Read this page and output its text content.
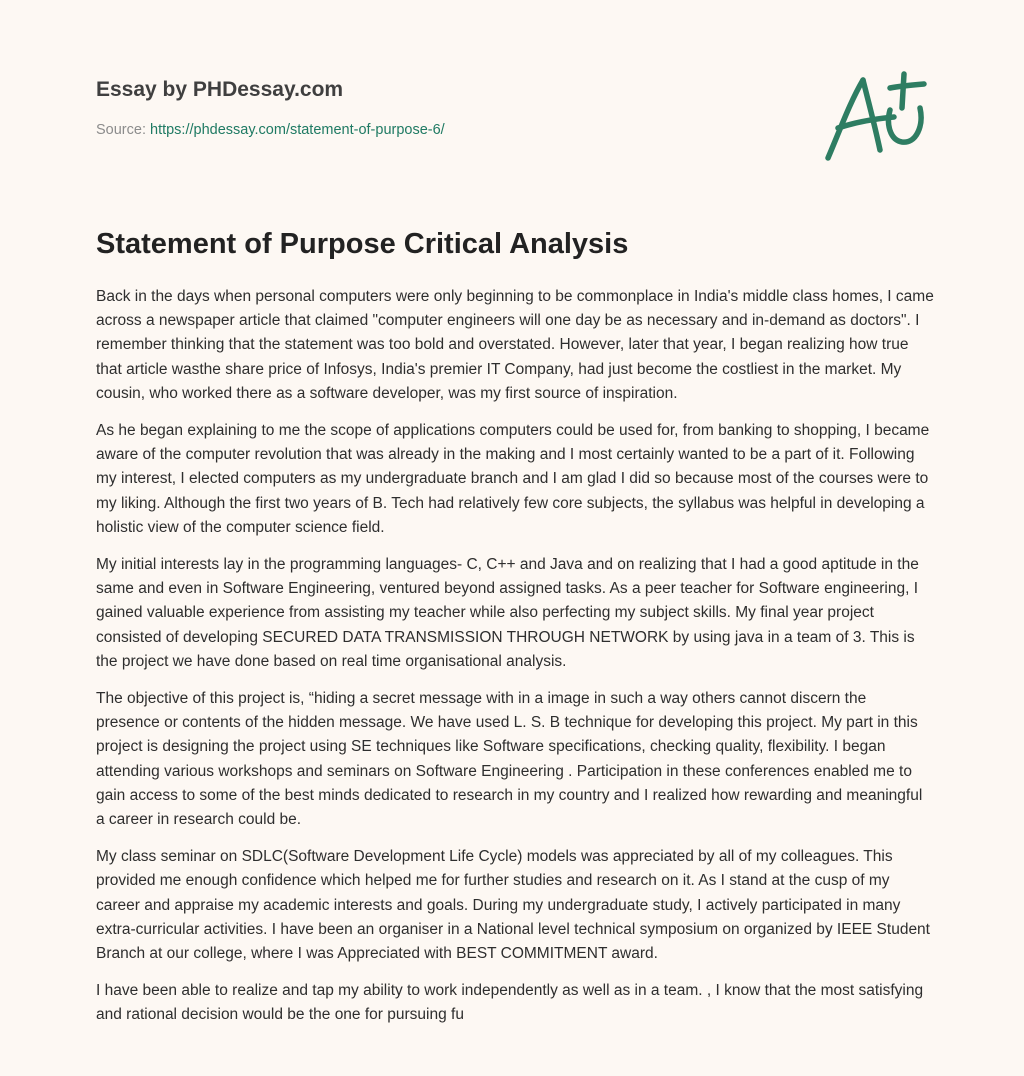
Essay by PHDessay.com
Source: https://phdessay.com/statement-of-purpose-6/
Statement of Purpose Critical Analysis

Back in the days when personal computers were only beginning to be commonplace in India's middle class homes, I came across a newspaper article that claimed "computer engineers will one day be as necessary and in-demand as doctors". I remember thinking that the statement was too bold and overstated. However, later that year, I began realizing how true that article wasthe share price of Infosys, India's premier IT Company, had just become the costliest in the market. My cousin, who worked there as a software developer, was my first source of inspiration.

As he began explaining to me the scope of applications computers could be used for, from banking to shopping, I became aware of the computer revolution that was already in the making and I most certainly wanted to be a part of it. Following my interest, I elected computers as my undergraduate branch and I am glad I did so because most of the courses were to my liking. Although the first two years of B. Tech had relatively few core subjects, the syllabus was helpful in developing a holistic view of the computer science field.

My initial interests lay in the programming languages- C, C++ and Java and on realizing that I had a good aptitude in the same and even in Software Engineering, ventured beyond assigned tasks. As a peer teacher for Software engineering, I gained valuable experience from assisting my teacher while also perfecting my subject skills. My final year project consisted of developing SECURED DATA TRANSMISSION THROUGH NETWORK by using java in a team of 3. This is the project we have done based on real time organisational analysis.

The objective of this project is, “hiding a secret message with in a image in such a way others cannot discern the presence or contents of the hidden message. We have used L. S. B technique for developing this project. My part in this project is designing the project using SE techniques like Software specifications, checking quality, flexibility. I began attending various workshops and seminars on Software Engineering . Participation in these conferences enabled me to gain access to some of the best minds dedicated to research in my country and I realized how rewarding and meaningful a career in research could be.

My class seminar on SDLC(Software Development Life Cycle) models was appreciated by all of my colleagues. This provided me enough confidence which helped me for further studies and research on it. As I stand at the cusp of my career and appraise my academic interests and goals. During my undergraduate study, I actively participated in many extra-curricular activities. I have been an organiser in a National level technical symposium on organized by IEEE Student Branch at our college, where I was Appreciated with BEST COMMITMENT award.

I have been able to realize and tap my ability to work independently as well as in a team. , I know that the most satisfying and rational decision would be the one for pursuing fu
